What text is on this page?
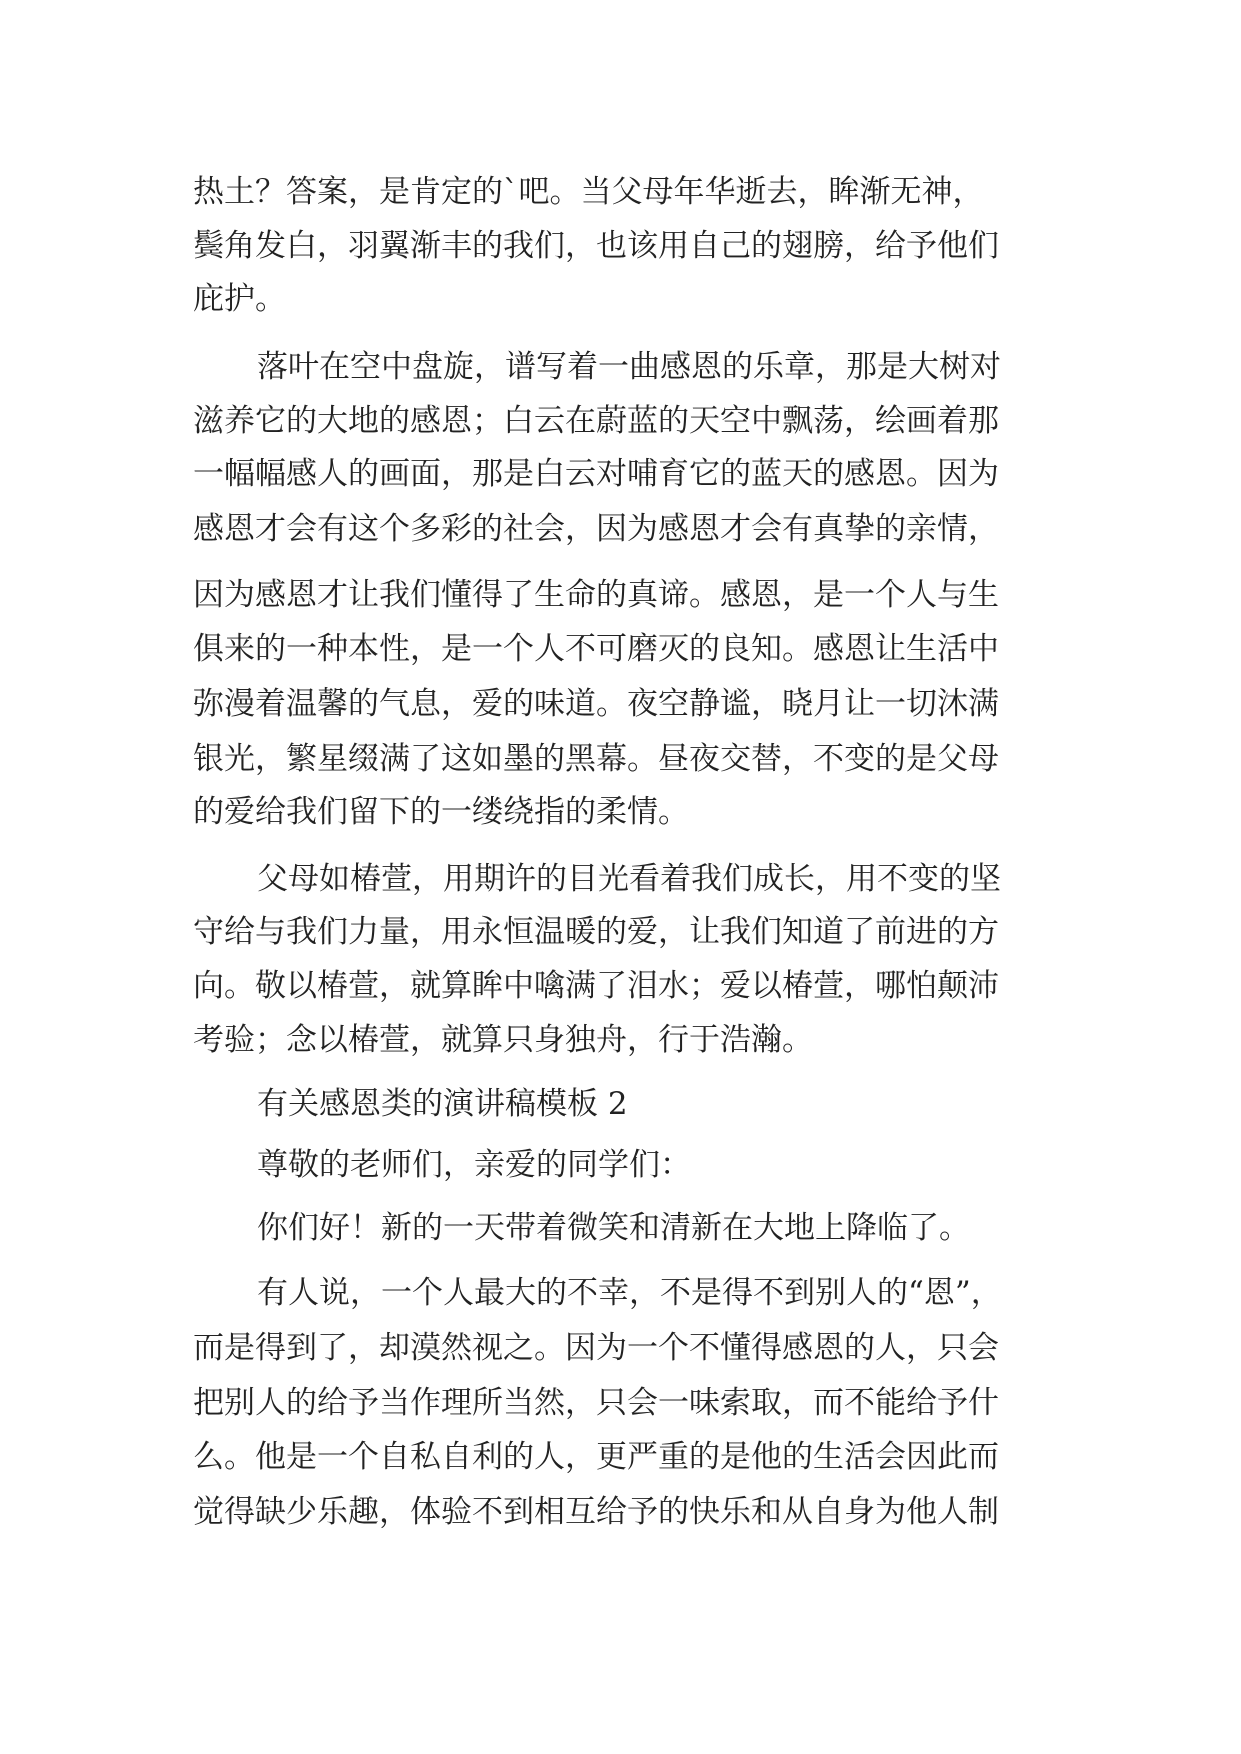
热土？答案，是肯定的`吧。当父母年华逝去，眸渐无神，
鬓角发白，羽翼渐丰的我们，也该用自己的翅膀，给予他们
庇护。
落叶在空中盘旋，谱写着一曲感恩的乐章，那是大树对
滋养它的大地的感恩；白云在蔚蓝的天空中飘荡，绘画着那
一幅幅感人的画面，那是白云对哺育它的蓝天的感恩。因为
感恩才会有这个多彩的社会，因为感恩才会有真挚的亲情，
因为感恩才让我们懂得了生命的真谛。感恩，是一个人与生
俱来的一种本性，是一个人不可磨灭的良知。感恩让生活中
弥漫着温馨的气息，爱的味道。夜空静谧，晓月让一切沐满
银光，繁星缀满了这如墨的黑幕。昼夜交替，不变的是父母
的爱给我们留下的一缕绕指的柔情。
父母如椿萱，用期许的目光看着我们成长，用不变的坚
守给与我们力量，用永恒温暖的爱，让我们知道了前进的方
向。敬以椿萱，就算眸中噙满了泪水；爱以椿萱，哪怕颠沛
考验；念以椿萱，就算只身独舟，行于浩瀚。
有关感恩类的演讲稿模板 2
尊敬的老师们，亲爱的同学们：
你们好！新的一天带着微笑和清新在大地上降临了。
有人说，一个人最大的不幸，不是得不到别人的“恩”，
而是得到了，却漠然视之。因为一个不懂得感恩的人，只会
把别人的给予当作理所当然，只会一味索取，而不能给予什
么。他是一个自私自利的人，更严重的是他的生活会因此而
觉得缺少乐趣，体验不到相互给予的快乐和从自身为他人制
